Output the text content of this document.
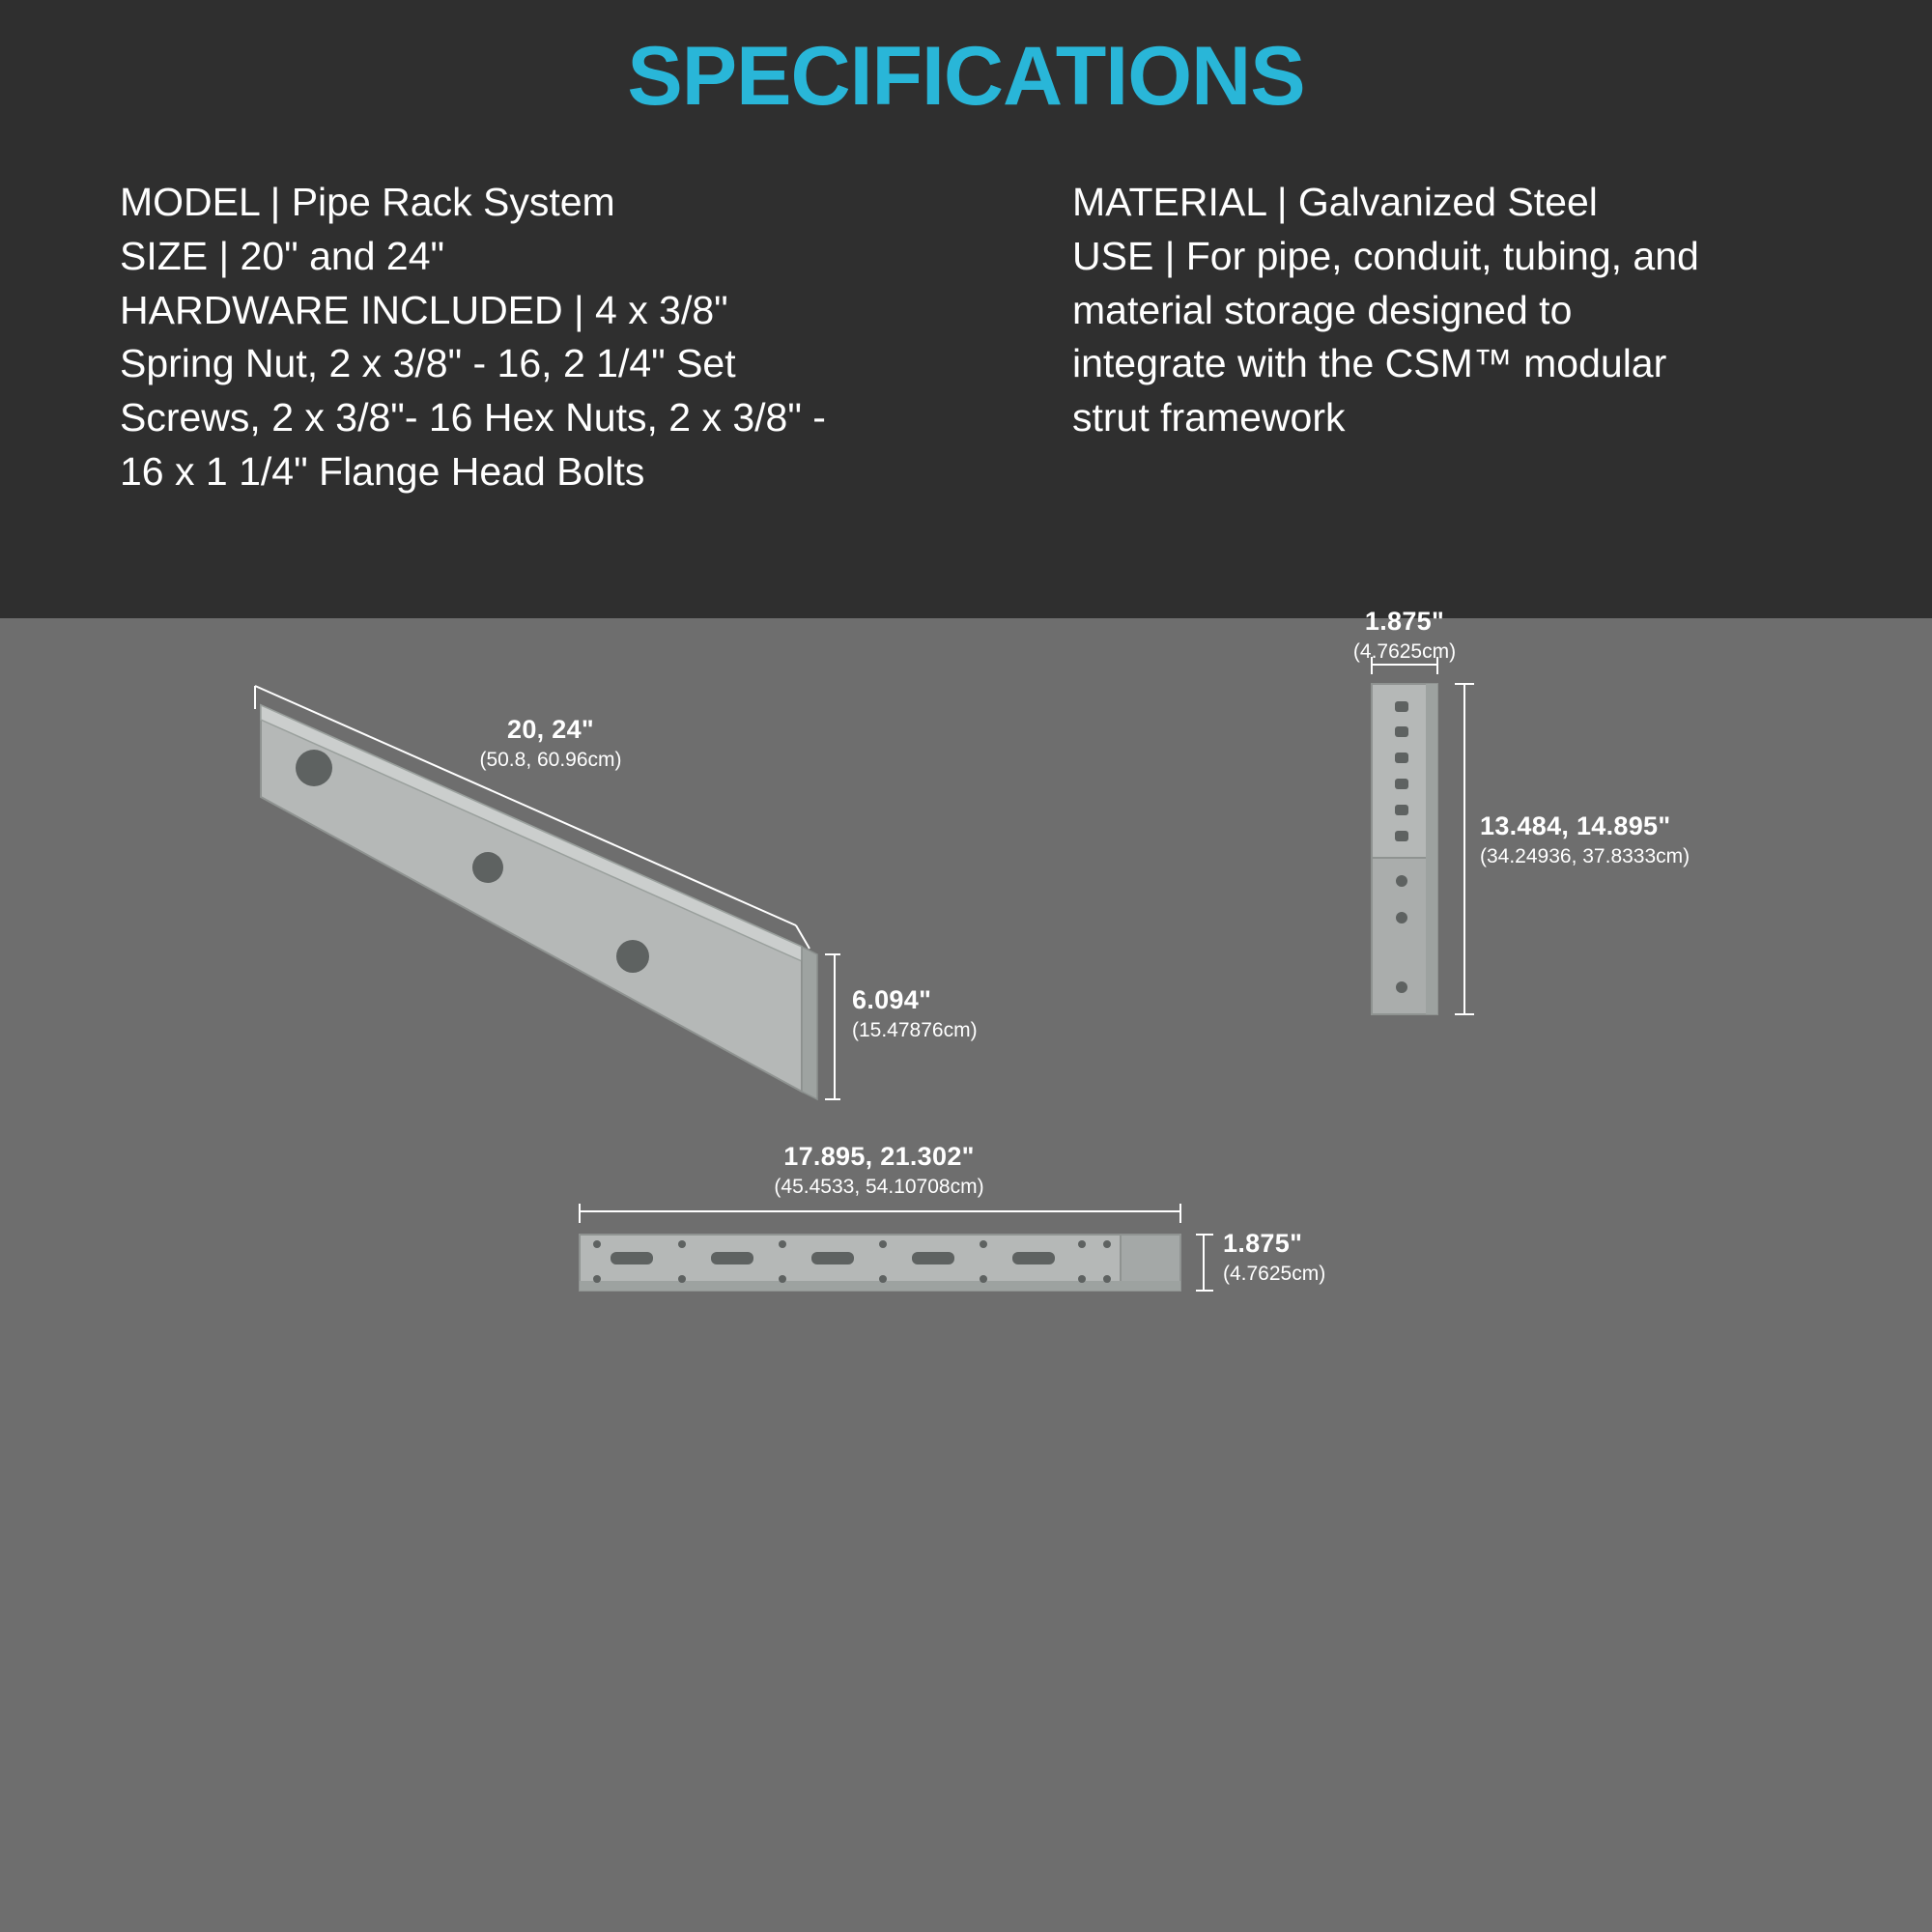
SPECIFICATIONS
MODEL | Pipe Rack System
SIZE | 20" and 24"
HARDWARE INCLUDED | 4 x 3/8"
Spring Nut, 2 x 3/8" - 16, 2 1/4" Set
Screws, 2 x 3/8"- 16 Hex Nuts, 2 x 3/8" -
16 x 1 1/4" Flange Head Bolts
MATERIAL | Galvanized Steel
USE | For pipe, conduit, tubing, and
material storage designed to
integrate with the CSM™ modular
strut framework
20, 24"
(50.8, 60.96cm)
6.094"
(15.47876cm)
1.875"
(4.7625cm)
13.484, 14.895"
(34.24936, 37.8333cm)
17.895, 21.302"
(45.4533, 54.10708cm)
1.875"
(4.7625cm)
